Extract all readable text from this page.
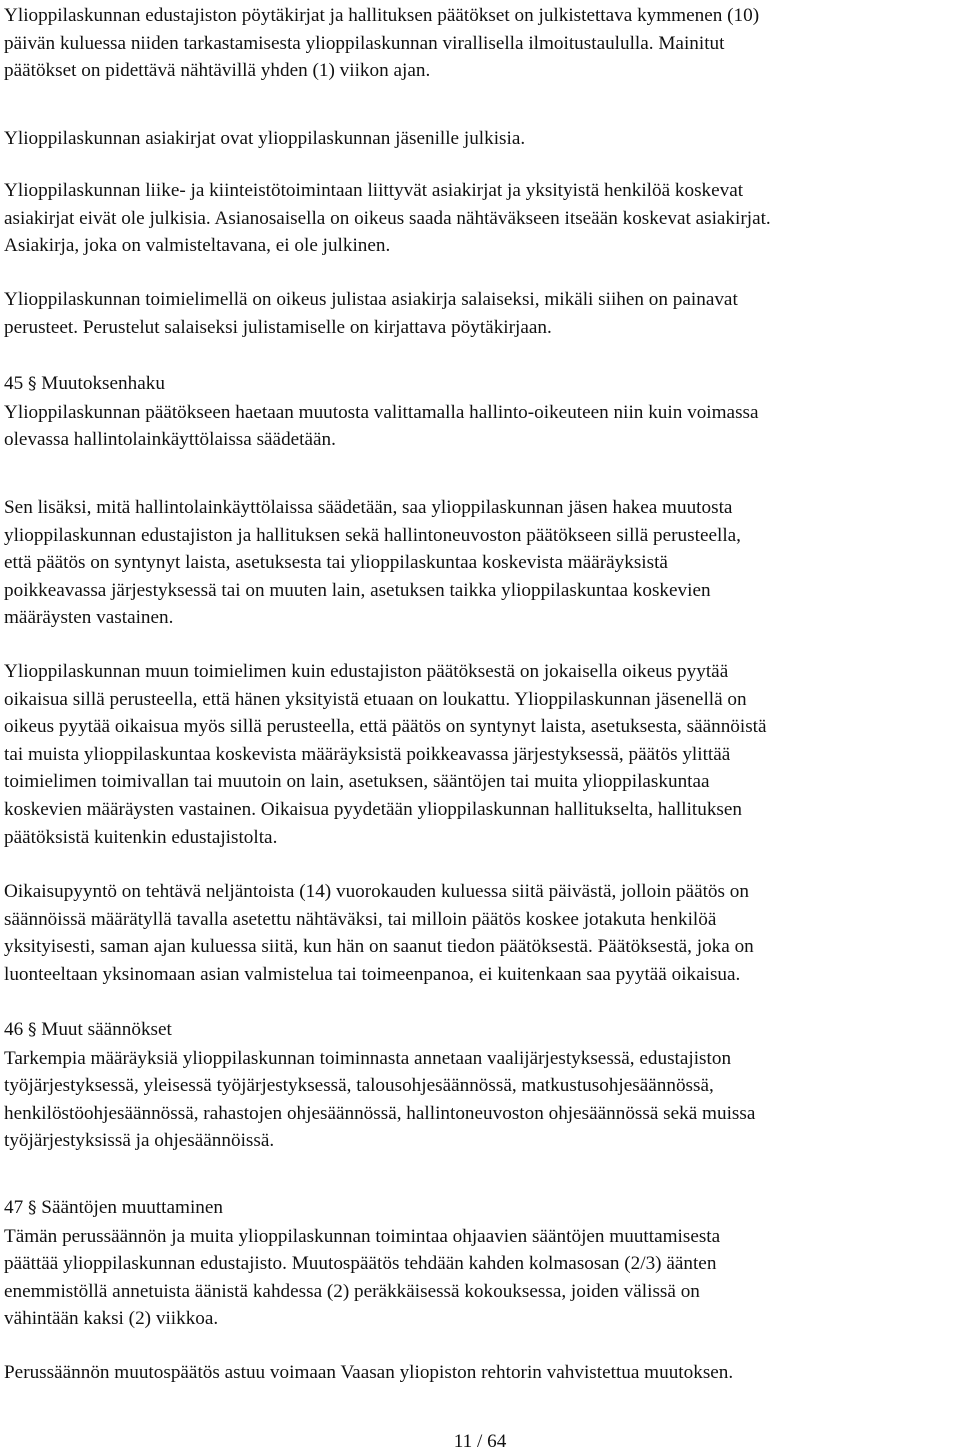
Ylioppilaskunnan edustajiston pöytäkirjat ja hallituksen päätökset on julkistettava kymmenen (10)
päivän kuluessa niiden tarkastamisesta ylioppilaskunnan virallisella ilmoitustaululla. Mainitut
päätökset on pidettävä nähtävillä yhden (1) viikon ajan.

Ylioppilaskunnan asiakirjat ovat ylioppilaskunnan jäsenille julkisia.

Ylioppilaskunnan liike- ja kiinteistötoimintaan liittyvät asiakirjat ja yksityistä henkilöä koskevat
asiakirjat eivät ole julkisia. Asianosaisella on oikeus saada nähtäväkseen itseään koskevat asiakirjat.
Asiakirja, joka on valmisteltavana, ei ole julkinen.

Ylioppilaskunnan toimielimellä on oikeus julistaa asiakirja salaiseksi, mikäli siihen on painavat
perusteet. Perustelut salaiseksi julistamiselle on kirjattava pöytäkirjaan.

45 § Muutoksenhaku
Ylioppilaskunnan päätökseen haetaan muutosta valittamalla hallinto-oikeuteen niin kuin voimassa
olevassa hallintolainkäyttölaissa säädetään.

Sen lisäksi, mitä hallintolainkäyttölaissa säädetään, saa ylioppilaskunnan jäsen hakea muutosta
ylioppilaskunnan edustajiston ja hallituksen sekä hallintoneuvoston päätökseen sillä perusteella,
että päätös on syntynyt laista, asetuksesta tai ylioppilaskuntaa koskevista määräyksistä
poikkeavassa järjestyksessä tai on muuten lain, asetuksen taikka ylioppilaskuntaa koskevien
määräysten vastainen.

Ylioppilaskunnan muun toimielimen kuin edustajiston päätöksestä on jokaisella oikeus pyytää
oikaisua sillä perusteella, että hänen yksityistä etuaan on loukattu. Ylioppilaskunnan jäsenellä on
oikeus pyytää oikaisua myös sillä perusteella, että päätös on syntynyt laista, asetuksesta, säännöistä
tai muista ylioppilaskuntaa koskevista määräyksistä poikkeavassa järjestyksessä, päätös ylittää
toimielimen toimivallan tai muutoin on lain, asetuksen, sääntöjen tai muita ylioppilaskuntaa
koskevien määräysten vastainen. Oikaisua pyydetään ylioppilaskunnan hallitukselta, hallituksen
päätöksistä kuitenkin edustajistolta.

Oikaisupyyntö on tehtävä neljäntoista (14) vuorokauden kuluessa siitä päivästä, jolloin päätös on
säännöissä määrätyllä tavalla asetettu nähtäväksi, tai milloin päätös koskee jotakuta henkilöä
yksityisesti, saman ajan kuluessa siitä, kun hän on saanut tiedon päätöksestä. Päätöksestä, joka on
luonteeltaan yksinomaan asian valmistelua tai toimeenpanoa, ei kuitenkaan saa pyytää oikaisua.

46 § Muut säännökset
Tarkempia määräyksiä ylioppilaskunnan toiminnasta annetaan vaalijärjestyksessä, edustajiston
työjärjestyksessä, yleisessä työjärjestyksessä, talousohjesäännössä, matkustusohjesäännössä,
henkilöstöohjesäännössä, rahastojen ohjesäännössä, hallintoneuvoston ohjesäännössä sekä muissa
työjärjestyksissä ja ohjesäännöissä.
47 § Sääntöjen muuttaminen
Tämän perussäännön ja muita ylioppilaskunnan toimintaa ohjaavien sääntöjen muuttamisesta
päättää ylioppilaskunnan edustajisto. Muutospäätös tehdään kahden kolmasosan (2/3) äänten
enemmistöllä annetuista äänistä kahdessa (2) peräkkäisessä kokouksessa, joiden välissä on
vähintään kaksi (2) viikkoa.

Perussäännön muutospäätös astuu voimaan Vaasan yliopiston rehtorin vahvistettua muutoksen.

11 / 64
